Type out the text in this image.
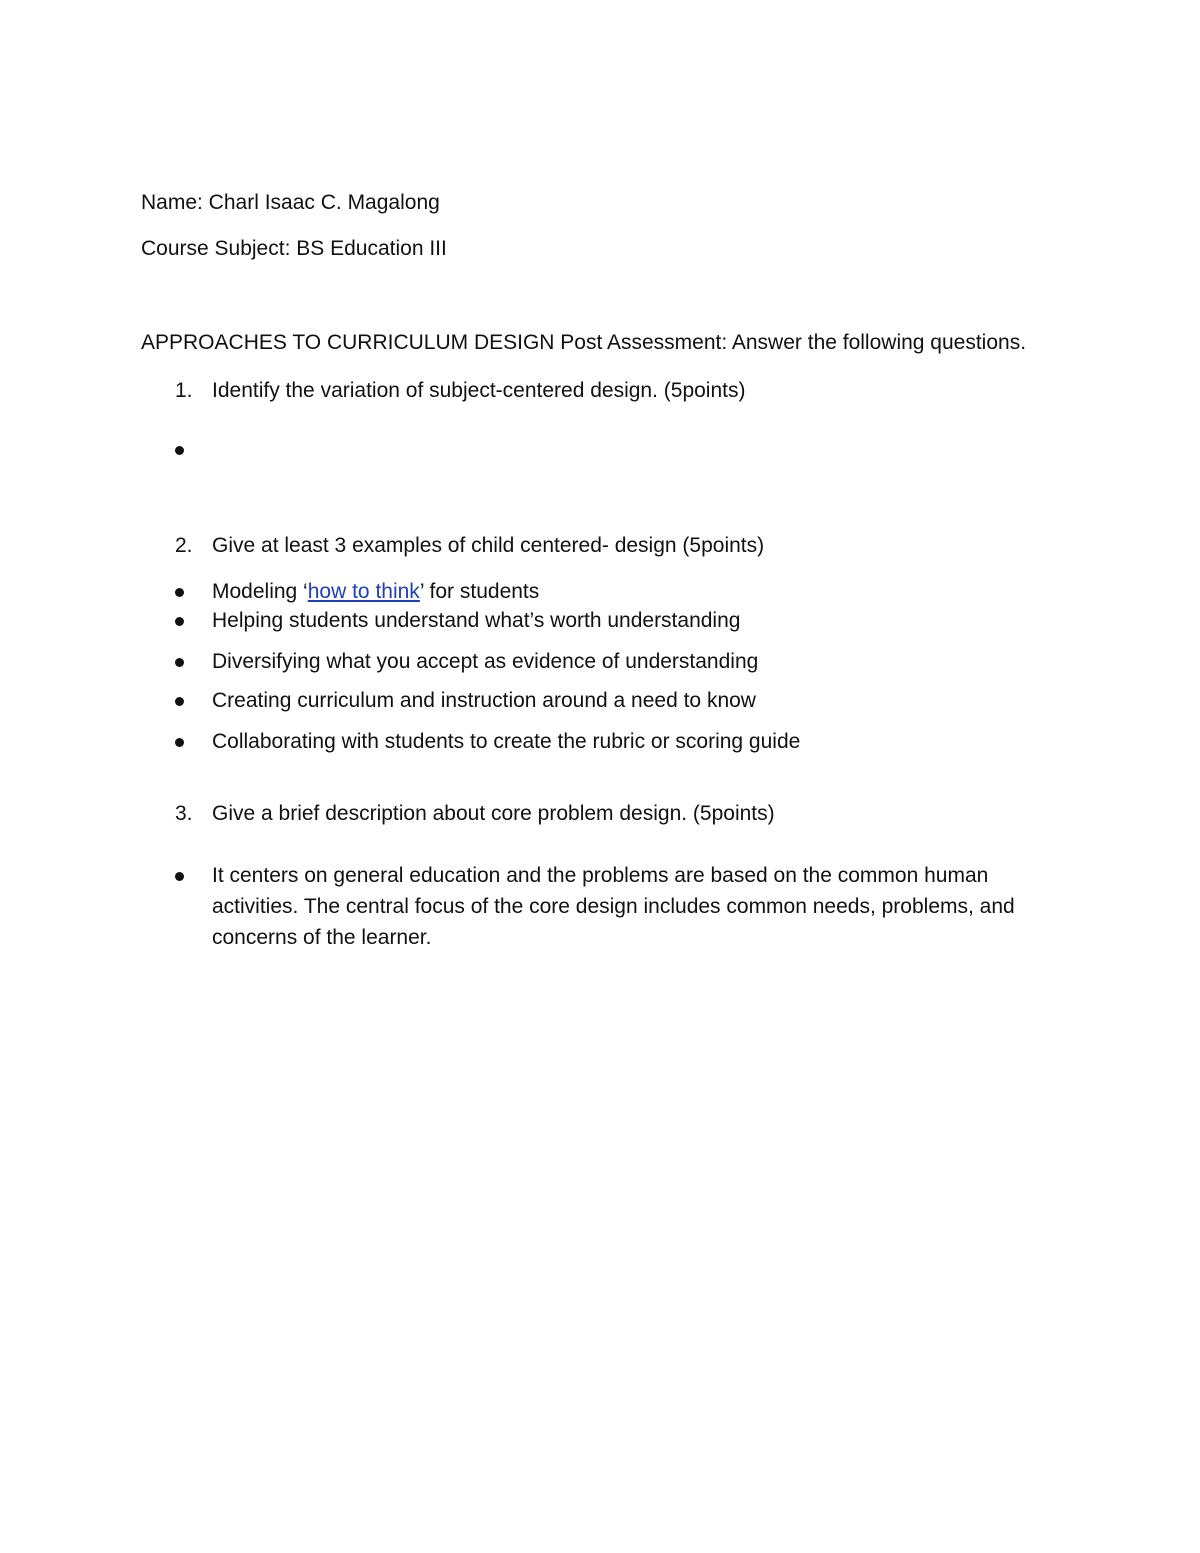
Name: Charl Isaac C. Magalong
Course Subject: BS Education III
APPROACHES TO CURRICULUM DESIGN Post Assessment: Answer the following questions.
1. Identify the variation of subject-centered design. (5points)
2. Give at least 3 examples of child centered- design (5points)
Modeling ‘how to think’ for students
Helping students understand what’s worth understanding
Diversifying what you accept as evidence of understanding
Creating curriculum and instruction around a need to know
Collaborating with students to create the rubric or scoring guide
3. Give a brief description about core problem design. (5points)
It centers on general education and the problems are based on the common human activities. The central focus of the core design includes common needs, problems, and concerns of the learner.
